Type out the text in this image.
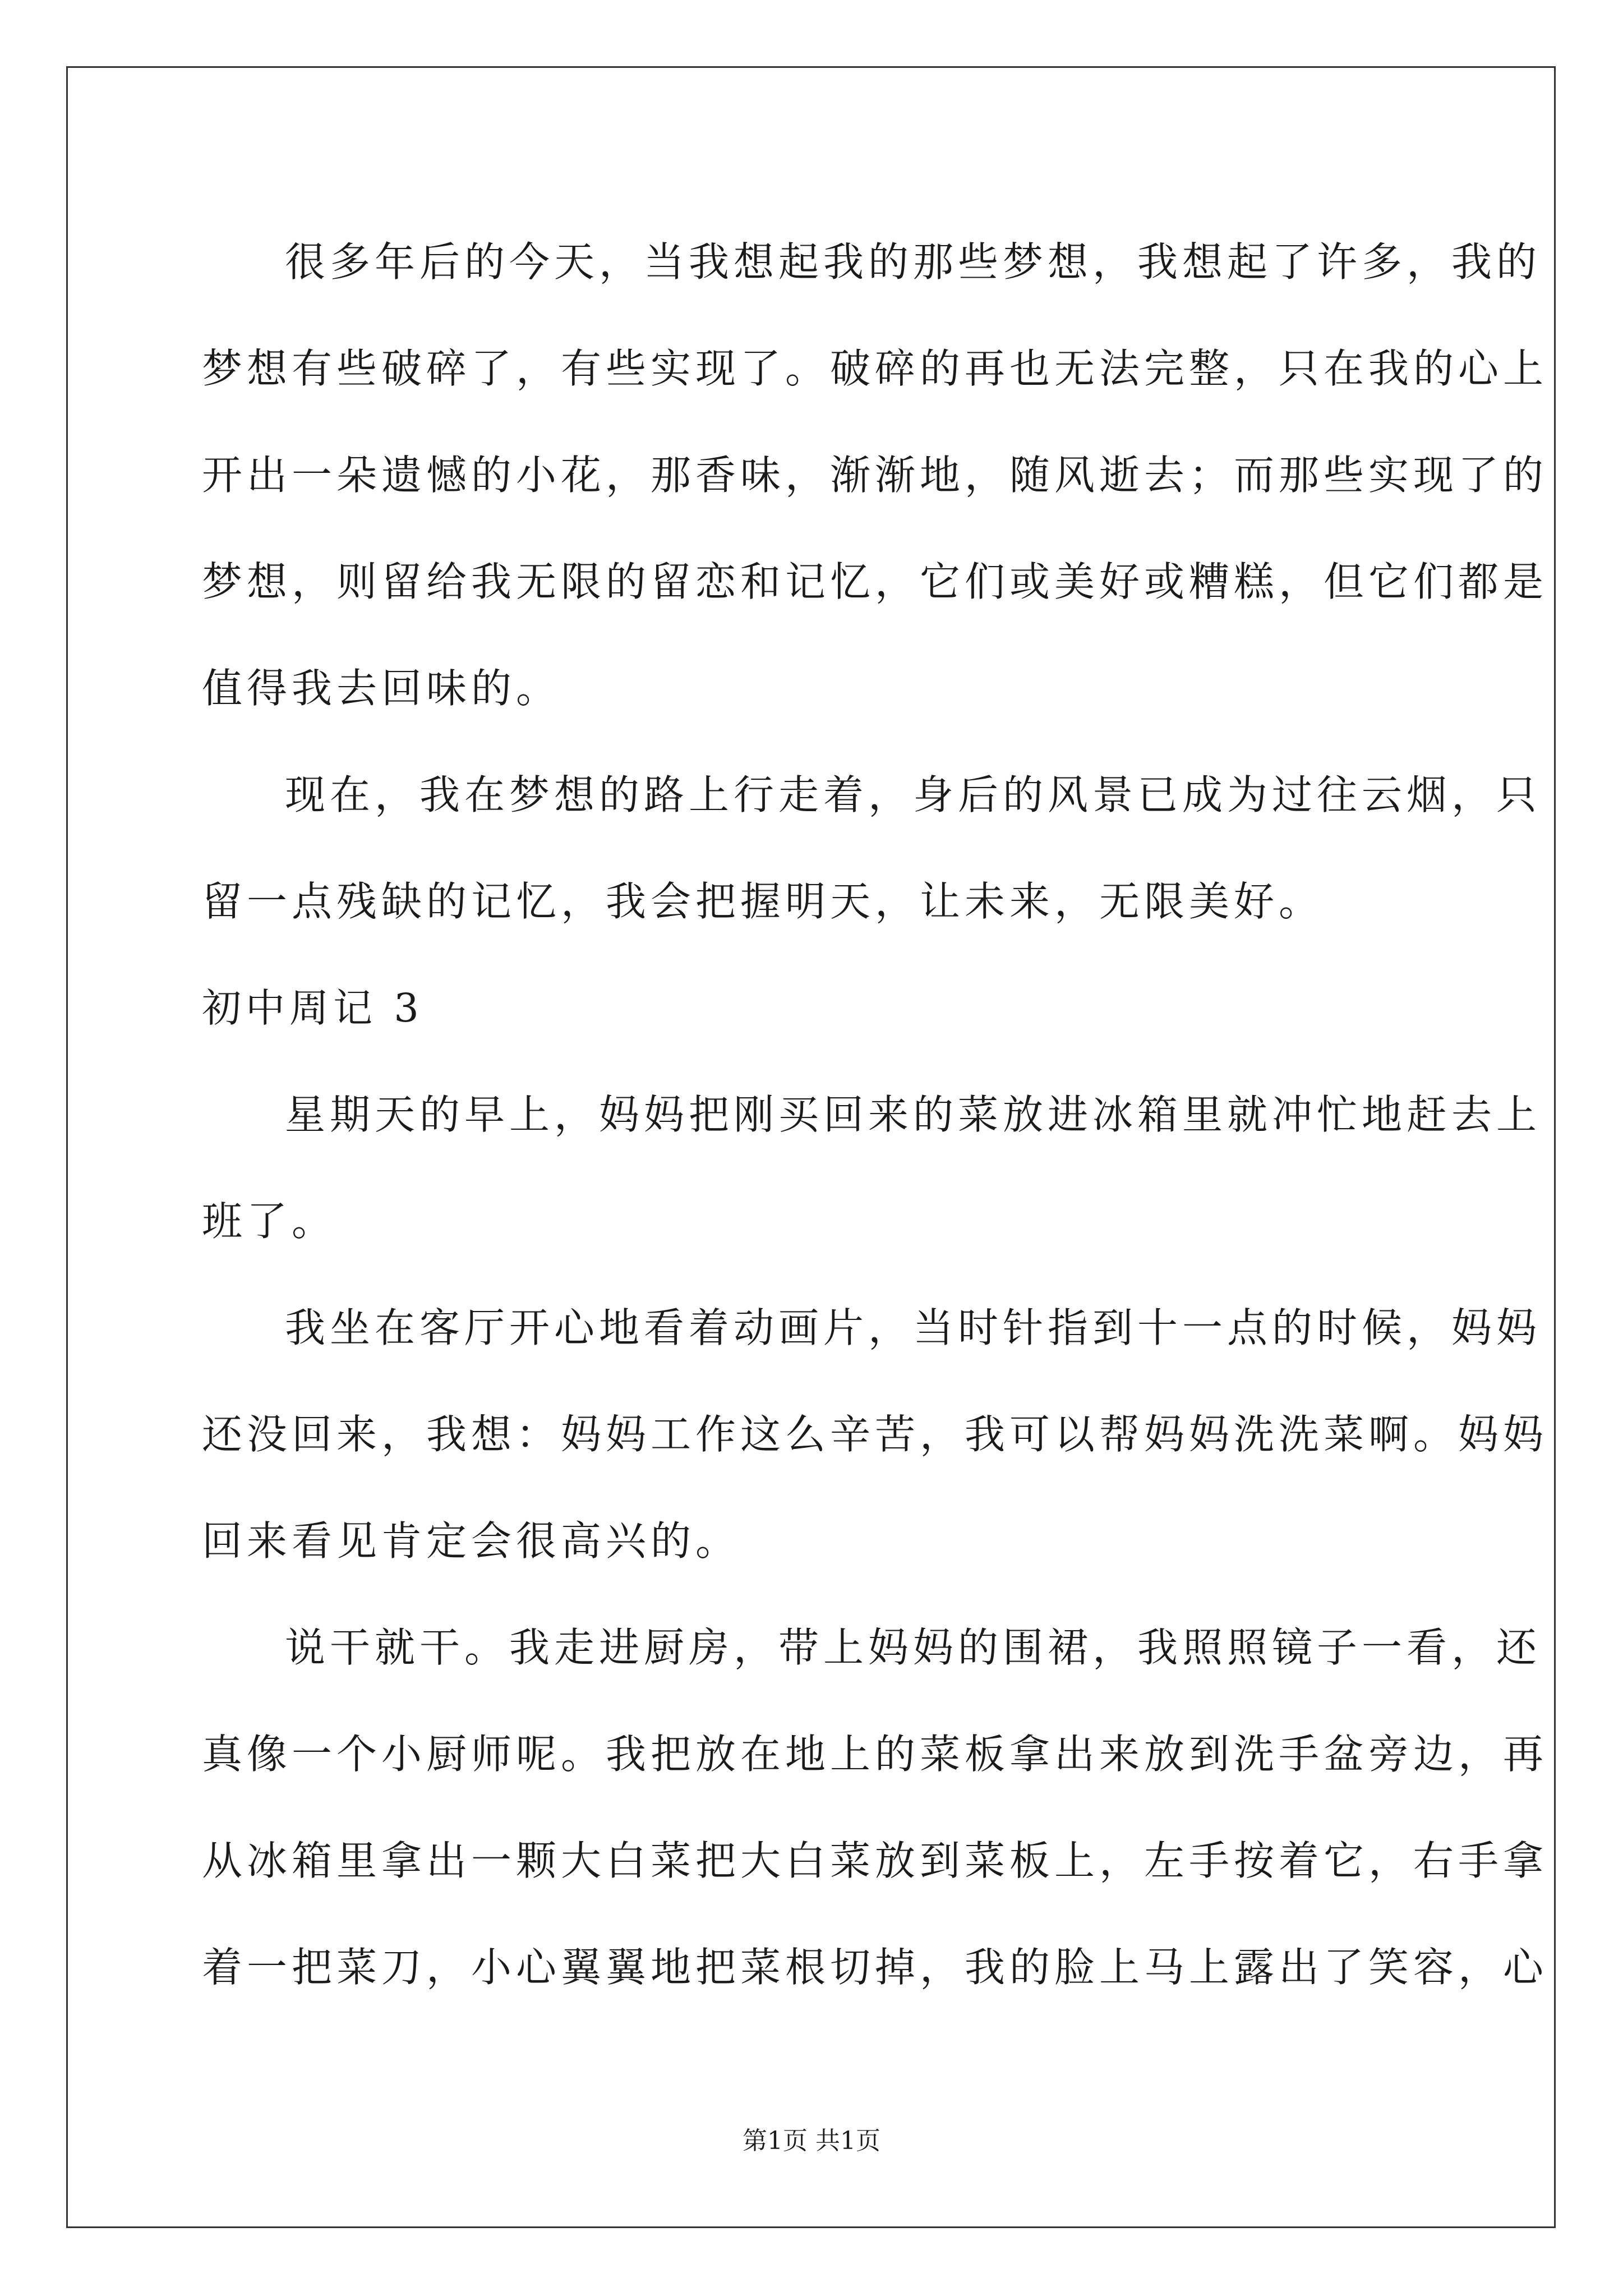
很多年后的今天，当我想起我的那些梦想，我想起了许多，我的
梦想有些破碎了，有些实现了。破碎的再也无法完整，只在我的心上
开出一朵遗憾的小花，那香味，渐渐地，随风逝去；而那些实现了的
梦想，则留给我无限的留恋和记忆，它们或美好或糟糕，但它们都是
值得我去回味的。
现在，我在梦想的路上行走着，身后的风景已成为过往云烟，只
留一点残缺的记忆，我会把握明天，让未来，无限美好。
初中周记 3
星期天的早上，妈妈把刚买回来的菜放进冰箱里就冲忙地赶去上
班了。
我坐在客厅开心地看着动画片，当时针指到十一点的时候，妈妈
还没回来，我想：妈妈工作这么辛苦，我可以帮妈妈洗洗菜啊。妈妈
回来看见肯定会很高兴的。
说干就干。我走进厨房，带上妈妈的围裙，我照照镜子一看，还
真像一个小厨师呢。我把放在地上的菜板拿出来放到洗手盆旁边，再
从冰箱里拿出一颗大白菜把大白菜放到菜板上，左手按着它，右手拿
着一把菜刀，小心翼翼地把菜根切掉，我的脸上马上露出了笑容，心
第1页 共1页
